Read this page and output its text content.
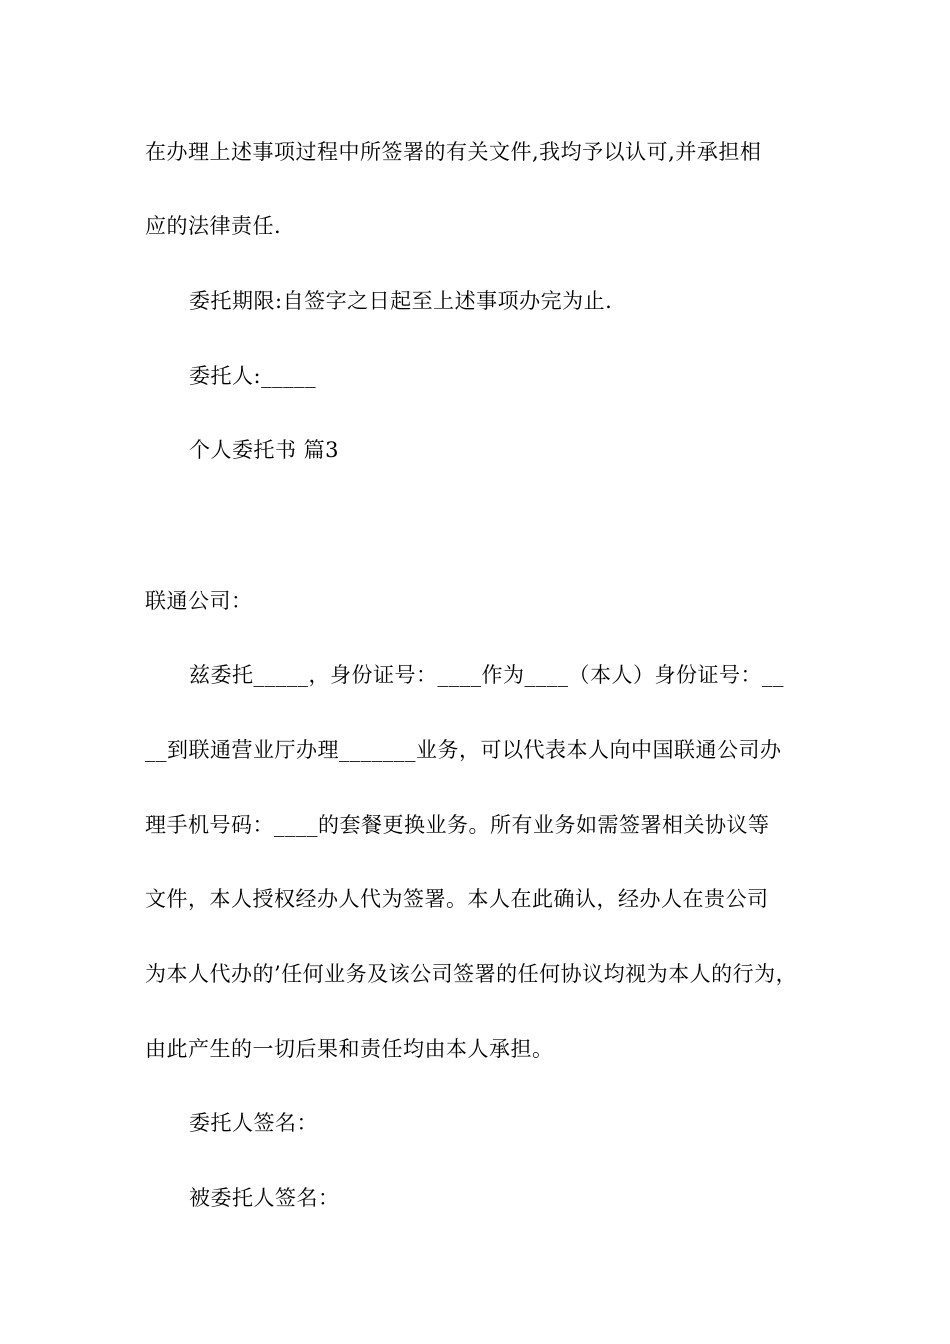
在办理上述事项过程中所签署的有关文件,我均予以认可,并承担相
应的法律责任.
委托期限:自签字之日起至上述事项办完为止.
委托人:_____
个人委托书 篇3
联通公司：
兹委托_____，身份证号：____作为____（本人）身份证号：__
__到联通营业厅办理_______业务，可以代表本人向中国联通公司办
理手机号码：____的套餐更换业务。所有业务如需签署相关协议等
文件，本人授权经办人代为签署。本人在此确认，经办人在贵公司
为本人代办的’任何业务及该公司签署的任何协议均视为本人的行为，
由此产生的一切后果和责任均由本人承担。
委托人签名：
被委托人签名：
